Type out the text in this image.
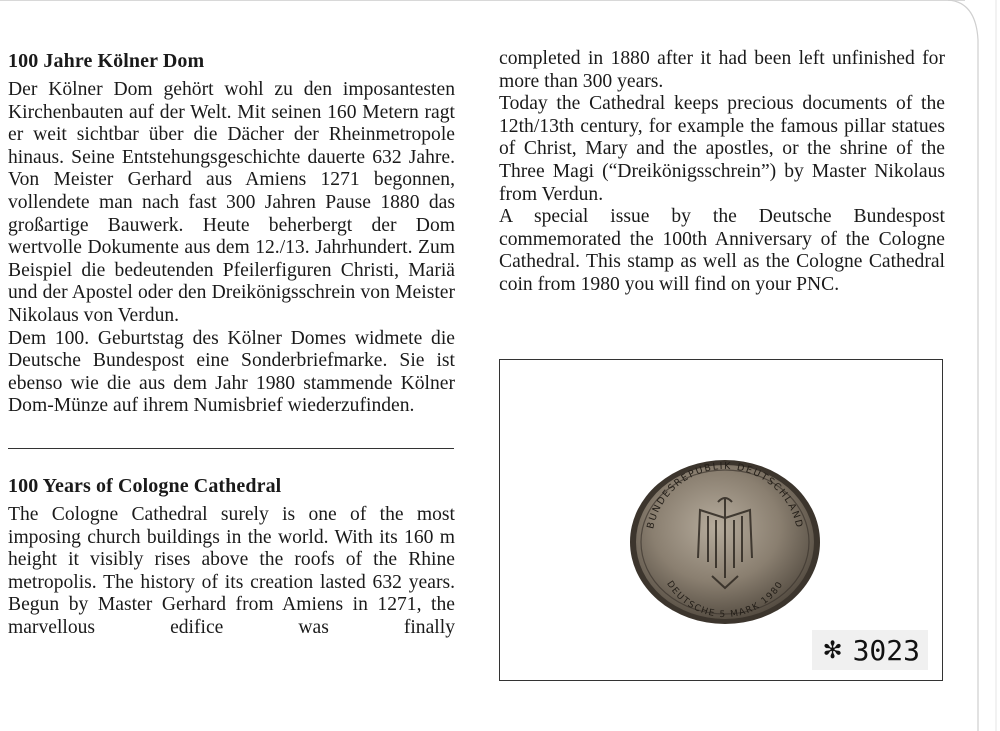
100 Jahre Kölner Dom

Der Kölner Dom gehört wohl zu den imposantesten Kirchenbauten auf der Welt. Mit seinen 160 Metern ragt er weit sichtbar über die Dächer der Rheinmetropole hinaus. Seine Entstehungsgeschichte dauerte 632 Jahre. Von Meister Gerhard aus Amiens 1271 begonnen, vollendete man nach fast 300 Jahren Pause 1880 das großartige Bauwerk. Heute beherbergt der Dom wertvolle Dokumente aus dem 12./13. Jahrhundert. Zum Beispiel die bedeutenden Pfeilerfiguren Christi, Mariä und der Apostel oder den Dreikönigsschrein von Meister Nikolaus von Verdun.

Dem 100. Geburtstag des Kölner Domes widmete die Deutsche Bundespost eine Sonderbriefmarke. Sie ist ebenso wie die aus dem Jahr 1980 stammende Kölner Dom-Münze auf ihrem Numisbrief wiederzufinden.

100 Years of Cologne Cathedral

The Cologne Cathedral surely is one of the most imposing church buildings in the world. With its 160 m height it visibly rises above the roofs of the Rhine metropolis. The history of its creation lasted 632 years. Begun by Master Gerhard from Amiens in 1271, the marvellous edifice was finally

completed in 1880 after it had been left unfinished for more than 300 years.

Today the Cathedral keeps precious documents of the 12th/13th century, for example the famous pillar statues of Christ, Mary and the apostles, or the shrine of the Three Magi (“Dreikönigsschrein”) by Master Nikolaus from Verdun.

A special issue by the Deutsche Bundespost commemorated the 100th Anniversary of the Cologne Cathedral. This stamp as well as the Cologne Cathedral coin from 1980 you will find on your PNC.

BUNDESREPUBLIK DEUTSCHLAND
DEUTSCHE 5 MARK 1980
✻ 3023
